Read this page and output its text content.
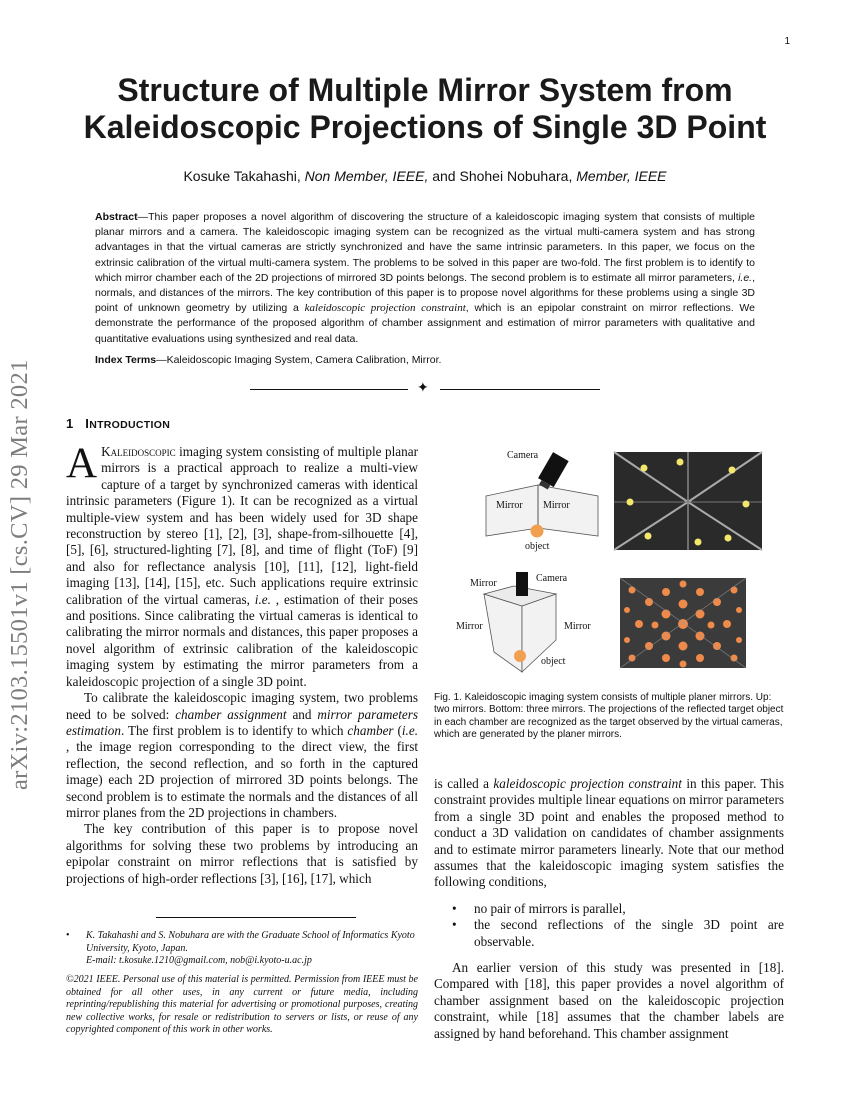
1
arXiv:2103.15501v1 [cs.CV] 29 Mar 2021
Structure of Multiple Mirror System from
Kaleidoscopic Projections of Single 3D Point
Kosuke Takahashi, Non Member, IEEE, and Shohei Nobuhara, Member, IEEE
Abstract—This paper proposes a novel algorithm of discovering the structure of a kaleidoscopic imaging system that consists of multiple planar mirrors and a camera. The kaleidoscopic imaging system can be recognized as the virtual multi-camera system and has strong advantages in that the virtual cameras are strictly synchronized and have the same intrinsic parameters. In this paper, we focus on the extrinsic calibration of the virtual multi-camera system. The problems to be solved in this paper are two-fold. The first problem is to identify to which mirror chamber each of the 2D projections of mirrored 3D points belongs. The second problem is to estimate all mirror parameters, i.e., normals, and distances of the mirrors. The key contribution of this paper is to propose novel algorithms for these problems using a single 3D point of unknown geometry by utilizing a kaleidoscopic projection constraint, which is an epipolar constraint on mirror reflections. We demonstrate the performance of the proposed algorithm of chamber assignment and estimation of mirror parameters with qualitative and quantitative evaluations using synthesized and real data.
Index Terms—Kaleidoscopic Imaging System, Camera Calibration, Mirror.
✦
1 INTRODUCTION

A Kaleidoscopic imaging system consisting of multiple planar mirrors is a practical approach to realize a multi-view capture of a target by synchronized cameras with identical intrinsic parameters (Figure 1). It can be recognized as a virtual multiple-view system and has been widely used for 3D shape reconstruction by stereo [1], [2], [3], shape-from-silhouette [4], [5], [6], structured-lighting [7], [8], and time of flight (ToF) [9] and also for reflectance analysis [10], [11], [12], light-field imaging [13], [14], [15], etc. Such applications require extrinsic calibration of the virtual cameras, i.e. , estimation of their poses and positions. Since calibrating the virtual cameras is identical to calibrating the mirror normals and distances, this paper proposes a novel algorithm of extrinsic calibration of the kaleidoscopic imaging system by estimating the mirror parameters from a kaleidoscopic projection of a single 3D point.

To calibrate the kaleidoscopic imaging system, two problems need to be solved: chamber assignment and mirror parameters estimation. The first problem is to identify to which chamber (i.e. , the image region corresponding to the direct view, the first reflection, the second reflection, and so forth in the captured image) each 2D projection of mirrored 3D points belongs. The second problem is to estimate the normals and the distances of all mirror planes from the 2D projections in chambers.

The key contribution of this paper is to propose novel algorithms for solving these two problems by introducing an epipolar constraint on mirror reflections that is satisfied by projections of high-order reflections [3], [16], [17], which

• K. Takahashi and S. Nobuhara are with the Graduate School of Informatics Kyoto University, Kyoto, Japan.
E-mail: t.kosuke.1210@gmail.com, nob@i.kyoto-u.ac.jp
©2021 IEEE. Personal use of this material is permitted. Permission from IEEE must be obtained for all other uses, in any current or future media, including reprinting/republishing this material for advertising or promotional purposes, creating new collective works, for resale or redistribution to servers or lists, or reuse of any copyrighted component of this work in other works.
Camera
Mirror Mirror
object
Mirror	Camera
Mirror	Mirror
object
Fig. 1. Kaleidoscopic imaging system consists of multiple planer mirrors. Up: two mirrors. Bottom: three mirrors. The projections of the reflected target object in each chamber are recognized as the target observed by the virtual cameras, which are generated by the planer mirrors.

is called a kaleidoscopic projection constraint in this paper. This constraint provides multiple linear equations on mirror parameters from a single 3D point and enables the proposed method to conduct a 3D validation on candidates of chamber assignments and to estimate mirror parameters linearly. Note that our method assumes that the kaleidoscopic imaging system satisfies the following conditions,

• no pair of mirrors is parallel,
• the second reflections of the single 3D point are observable.

An earlier version of this study was presented in [18]. Compared with [18], this paper provides a novel algorithm of chamber assignment based on the kaleidoscopic projection constraint, while [18] assumes that the chamber labels are assigned by hand beforehand. This chamber assignment
